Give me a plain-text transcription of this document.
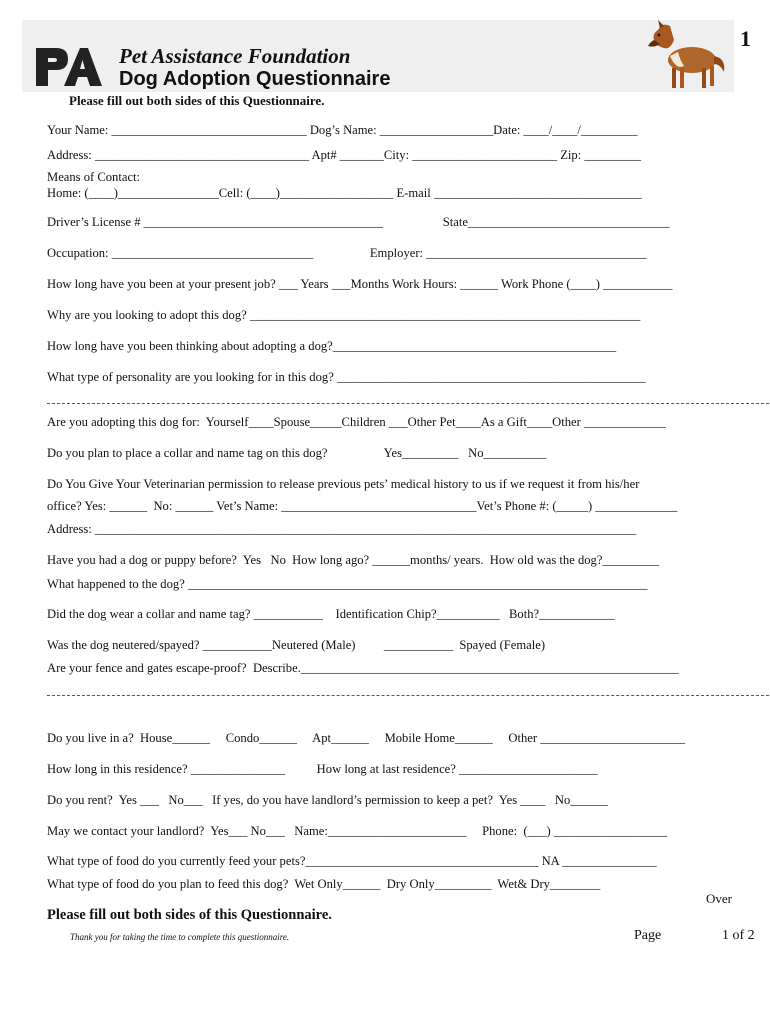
Pet Assistance Foundation
Dog Adoption Questionnaire
1
Please fill out both sides of this Questionnaire.
Your Name: _______________________________ Dog’s Name: __________________Date: ____/____/_________
Address: __________________________________ Apt# _______City: _______________________ Zip: _________
Means of Contact:
Home: (____)________________Cell: (____)__________________ E-mail _________________________________
Driver’s License # ______________________________________                   State________________________________
Occupation: ________________________________                  Employer: ___________________________________
How long have you been at your present job? ___ Years ___Months Work Hours: ______ Work Phone (____) ___________
Why are you looking to adopt this dog? ______________________________________________________________
How long have you been thinking about adopting a dog?_____________________________________________
What type of personality are you looking for in this dog? _________________________________________________
Are you adopting this dog for:  Yourself____Spouse_____Children ___Other Pet____As a Gift____Other _____________
Do you plan to place a collar and name tag on this dog?                  Yes_________   No__________
Do You Give Your Veterinarian permission to release previous pets’ medical history to us if we request it from his/her
office? Yes: ______  No: ______ Vet’s Name: _______________________________Vet’s Phone #: (_____) _____________
Address: ______________________________________________________________________________________
Have you had a dog or puppy before?  Yes   No  How long ago? ______months/ years.  How old was the dog?_________
What happened to the dog? _________________________________________________________________________
Did the dog wear a collar and name tag? ___________    Identification Chip?__________   Both?____________
Was the dog neutered/spayed? ___________Neutered (Male)         ___________  Spayed (Female)
Are your fence and gates escape-proof?  Describe.____________________________________________________________
Do you live in a?  House______     Condo______     Apt______     Mobile Home______     Other _______________________
How long in this residence? _______________          How long at last residence? ______________________
Do you rent?  Yes ___   No___   If yes, do you have landlord’s permission to keep a pet?  Yes ____   No______
May we contact your landlord?  Yes___ No___   Name:______________________     Phone:  (___) __________________
What type of food do you currently feed your pets?_____________________________________ NA _______________
What type of food do you plan to feed this dog?  Wet Only______  Dry Only_________  Wet& Dry________
Over
Please fill out both sides of this Questionnaire.
Thank you for taking the time to complete this questionnaire.	Page	1 of 2
